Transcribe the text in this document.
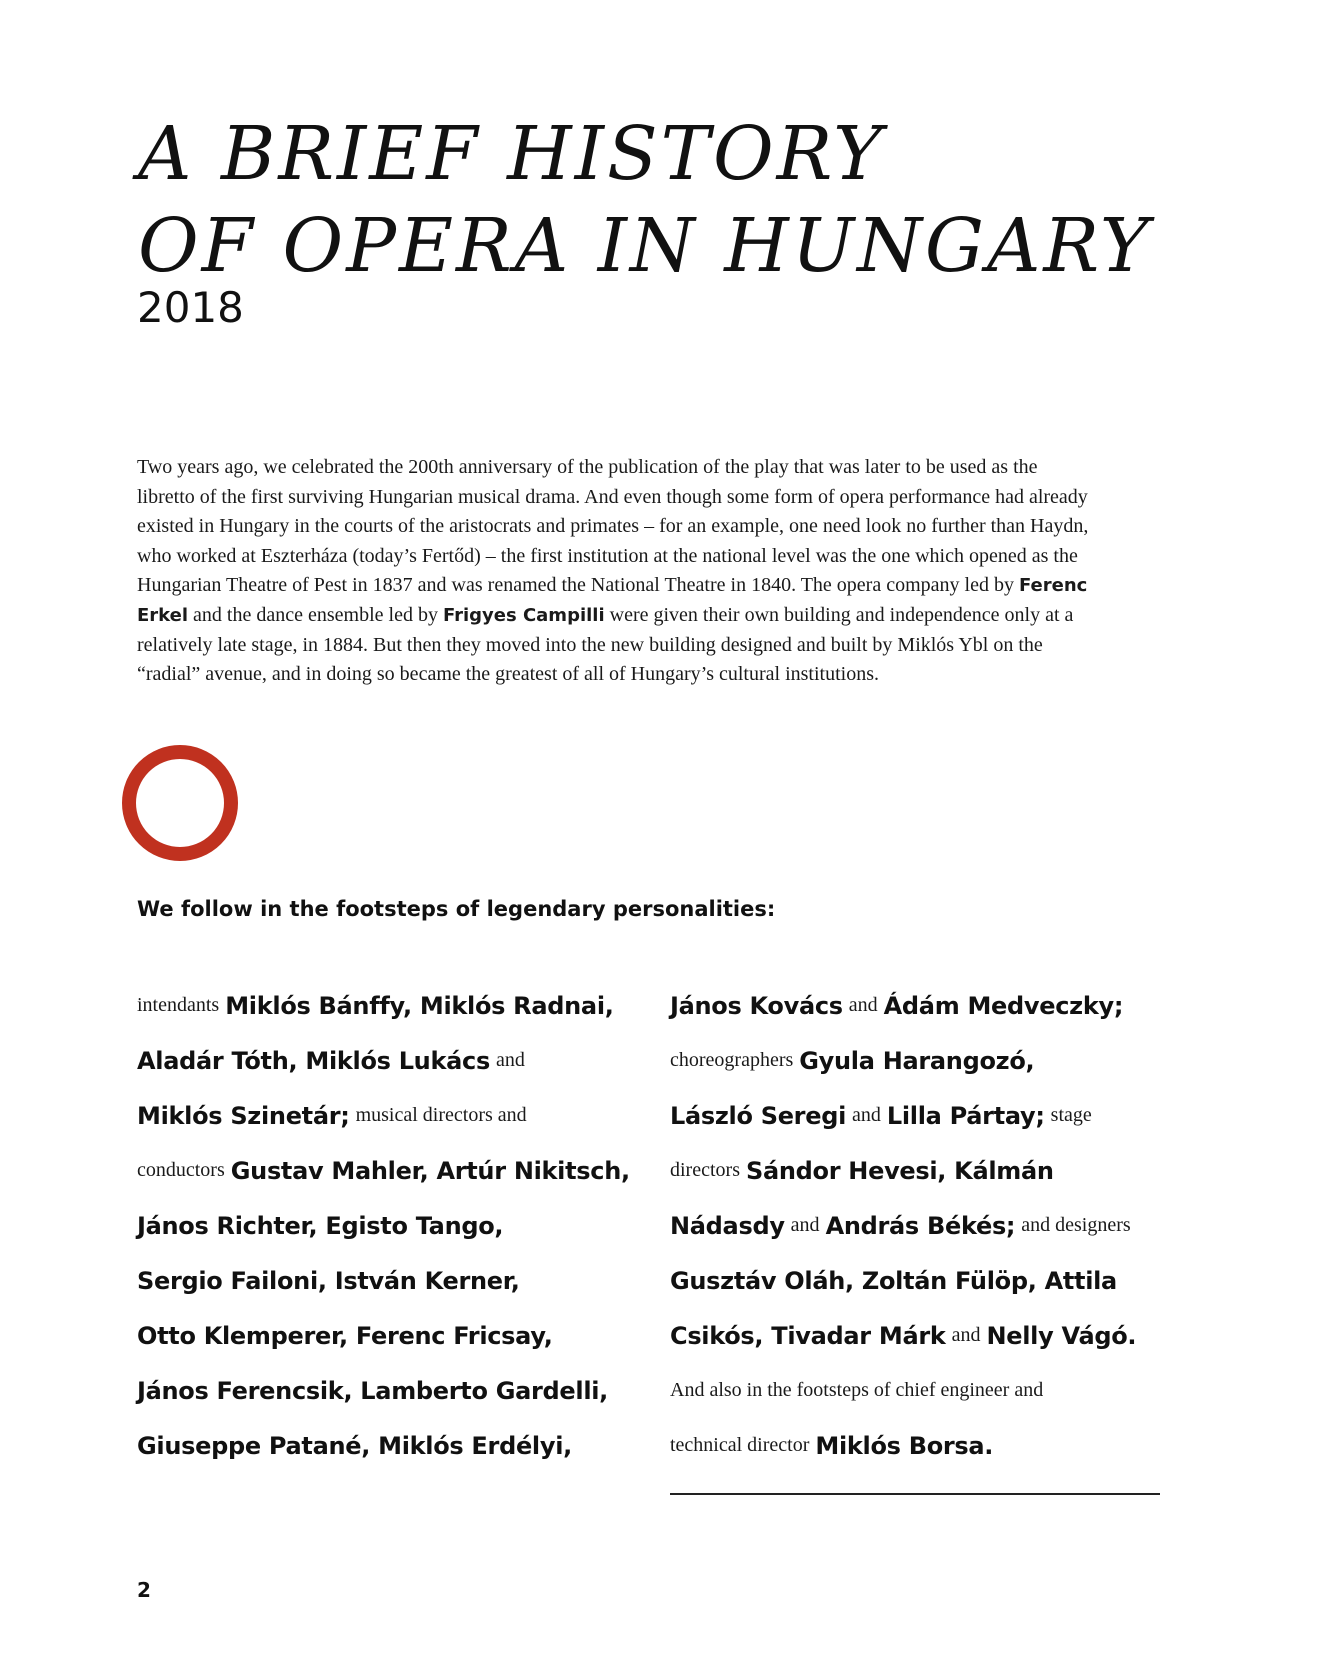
A BRIEF HISTORY
OF OPERA IN HUNGARY
2018

Two years ago, we celebrated the 200th anniversary of the publication of the play that was later to be used as the libretto of the first surviving Hungarian musical drama. And even though some form of opera performance had already existed in Hungary in the courts of the aristocrats and primates – for an example, one need look no further than Haydn, who worked at Eszterháza (today’s Fertőd) – the first institution at the national level was the one which opened as the Hungarian Theatre of Pest in 1837 and was renamed the National Theatre in 1840. The opera company led by Ferenc Erkel and the dance ensemble led by Frigyes Campilli were given their own building and independence only at a relatively late stage, in 1884. But then they moved into the new building designed and built by Miklós Ybl on the “radial” avenue, and in doing so became the greatest of all of Hungary’s cultural institutions.

We follow in the footsteps of legendary personalities:

intendants Miklós Bánffy, Miklós Radnai,
Aladár Tóth, Miklós Lukács and
Miklós Szinetár; musical directors and
conductors Gustav Mahler, Artúr Nikitsch,
János Richter, Egisto Tango,
Sergio Failoni, István Kerner,
Otto Klemperer, Ferenc Fricsay,
János Ferencsik, Lamberto Gardelli,
Giuseppe Patané, Miklós Erdélyi,
János Kovács and Ádám Medveczky;
choreographers Gyula Harangozó,
László Seregi and Lilla Pártay; stage
directors Sándor Hevesi, Kálmán
Nádasdy and András Békés; and designers
Gusztáv Oláh, Zoltán Fülöp, Attila
Csikós, Tivadar Márk and Nelly Vágó.
And also in the footsteps of chief engineer and
technical director Miklós Borsa.
2
